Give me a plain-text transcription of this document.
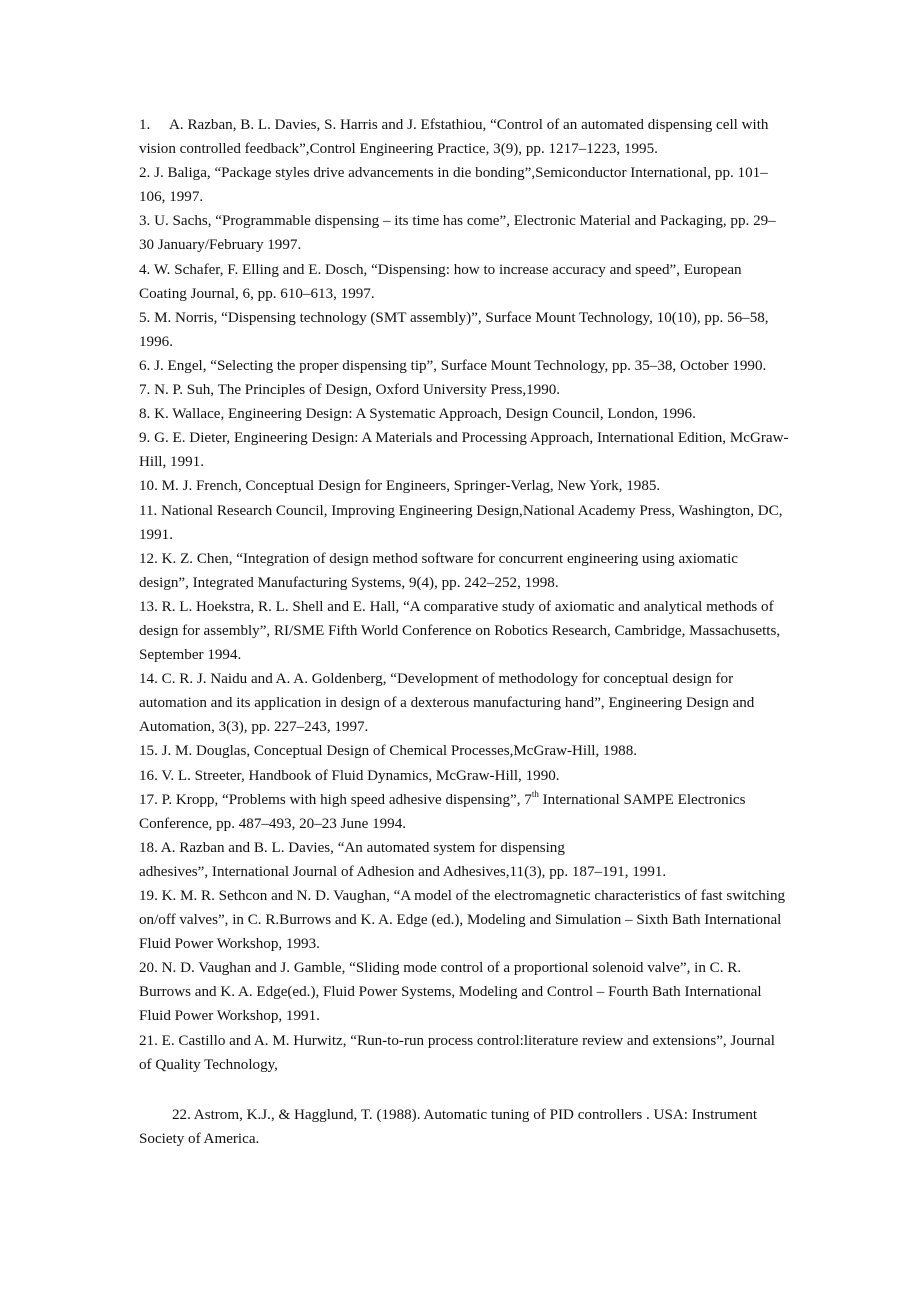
1. A. Razban, B. L. Davies, S. Harris and J. Efstathiou, “Control of an automated dispensing cell with vision controlled feedback”,Control Engineering Practice, 3(9), pp. 1217–1223, 1995.

2. J. Baliga, “Package styles drive advancements in die bonding”,Semiconductor International, pp. 101–106, 1997.

3. U. Sachs, “Programmable dispensing – its time has come”, Electronic Material and Packaging, pp. 29–30 January/February 1997.

4. W. Schafer, F. Elling and E. Dosch, “Dispensing: how to increase accuracy and speed”, European Coating Journal, 6, pp. 610–613, 1997.

5. M. Norris, “Dispensing technology (SMT assembly)”, Surface Mount Technology, 10(10), pp. 56–58, 1996.

6. J. Engel, “Selecting the proper dispensing tip”, Surface Mount Technology, pp. 35–38, October 1990.

7. N. P. Suh, The Principles of Design, Oxford University Press,1990.

8. K. Wallace, Engineering Design: A Systematic Approach, Design Council, London, 1996.

9. G. E. Dieter, Engineering Design: A Materials and Processing Approach, International Edition, McGraw-Hill, 1991.

10. M. J. French, Conceptual Design for Engineers, Springer-Verlag, New York, 1985.

11. National Research Council, Improving Engineering Design,National Academy Press, Washington, DC, 1991.

12. K. Z. Chen, “Integration of design method software for concurrent engineering using axiomatic design”, Integrated Manufacturing Systems, 9(4), pp. 242–252, 1998.

13. R. L. Hoekstra, R. L. Shell and E. Hall, “A comparative study of axiomatic and analytical methods of design for assembly”, RI/SME Fifth World Conference on Robotics Research, Cambridge, Massachusetts, September 1994.

14. C. R. J. Naidu and A. A. Goldenberg, “Development of methodology for conceptual design for automation and its application in design of a dexterous manufacturing hand”, Engineering Design and Automation, 3(3), pp. 227–243, 1997.

15. J. M. Douglas, Conceptual Design of Chemical Processes,McGraw-Hill, 1988.

16. V. L. Streeter, Handbook of Fluid Dynamics, McGraw-Hill, 1990.

17. P. Kropp, “Problems with high speed adhesive dispensing”, 7th International SAMPE Electronics Conference, pp. 487–493, 20–23 June 1994.

18. A. Razban and B. L. Davies, “An automated system for dispensing

adhesives”, International Journal of Adhesion and Adhesives,11(3), pp. 187–191, 1991.

19. K. M. R. Sethcon and N. D. Vaughan, “A model of the electromagnetic characteristics of fast switching on/off valves”, in C. R.Burrows and K. A. Edge (ed.), Modeling and Simulation – Sixth Bath International Fluid Power Workshop, 1993.

20. N. D. Vaughan and J. Gamble, “Sliding mode control of a proportional solenoid valve”, in C. R. Burrows and K. A. Edge(ed.), Fluid Power Systems, Modeling and Control – Fourth Bath International Fluid Power Workshop, 1991.

21. E. Castillo and A. M. Hurwitz, “Run-to-run process control:literature review and extensions”, Journal of Quality Technology,

22. Astrom, K.J., & Hagglund, T. (1988). Automatic tuning of PID controllers . USA: Instrument Society of America.
